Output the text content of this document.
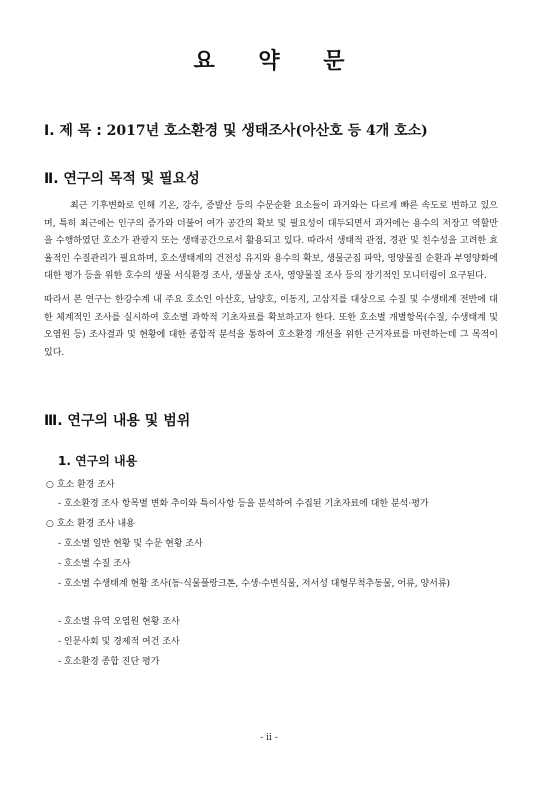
요 약 문
Ⅰ. 제 목 : 2017년 호소환경 및 생태조사(아산호 등 4개 호소)
Ⅱ. 연구의 목적 및 필요성

최근 기후변화로 인해 기온, 강수, 증발산 등의 수문순환 요소들이 과거와는 다르게 빠른 속도로 변하고 있으며, 특히 최근에는 인구의 증가와 더불어 여가 공간의 확보 및 필요성이 대두되면서 과거에는 용수의 저장고 역할만을 수행하였던 호소가 관광지 또는 생태공간으로서 활용되고 있다. 따라서 생태적 관점, 경관 및 친수성을 고려한 효율적인 수질관리가 필요하며, 호소생태계의 건전성 유지와 용수의 확보, 생물군집 파악, 영양물질 순환과 부영양화에 대한 평가 등을 위한 호수의 생물 서식환경 조사, 생물상 조사, 영양물질 조사 등의 장기적인 모니터링이 요구된다.

따라서 본 연구는 한강수계 내 주요 호소인 아산호, 남양호, 이동지, 고삼지를 대상으로 수질 및 수생태계 전반에 대한 체계적인 조사를 실시하여 호소별 과학적 기초자료를 확보하고자 한다. 또한 호소별 개별항목(수질, 수생태계 및 오염원 등) 조사결과 및 현황에 대한 종합적 분석을 통하여 호소환경 개선을 위한 근거자료를 마련하는데 그 목적이 있다.

Ⅲ. 연구의 내용 및 범위
1. 연구의 내용
○ 호소 환경 조사
- 호소환경 조사 항목별 변화 추이와 특이사항 등을 분석하여 수집된 기초자료에 대한 분석·평가
○ 호소 환경 조사 내용
- 호소별 일반 현황 및 수문 현황 조사
- 호소별 수질 조사
- 호소별 수생태계 현황 조사(동·식물플랑크톤, 수생·수변식물, 저서성 대형무척추동물, 어류, 양서류)
- 호소별 유역 오염원 현황 조사
- 인문사회 및 경제적 여건 조사
- 호소환경 종합 진단 평가
- ii -
